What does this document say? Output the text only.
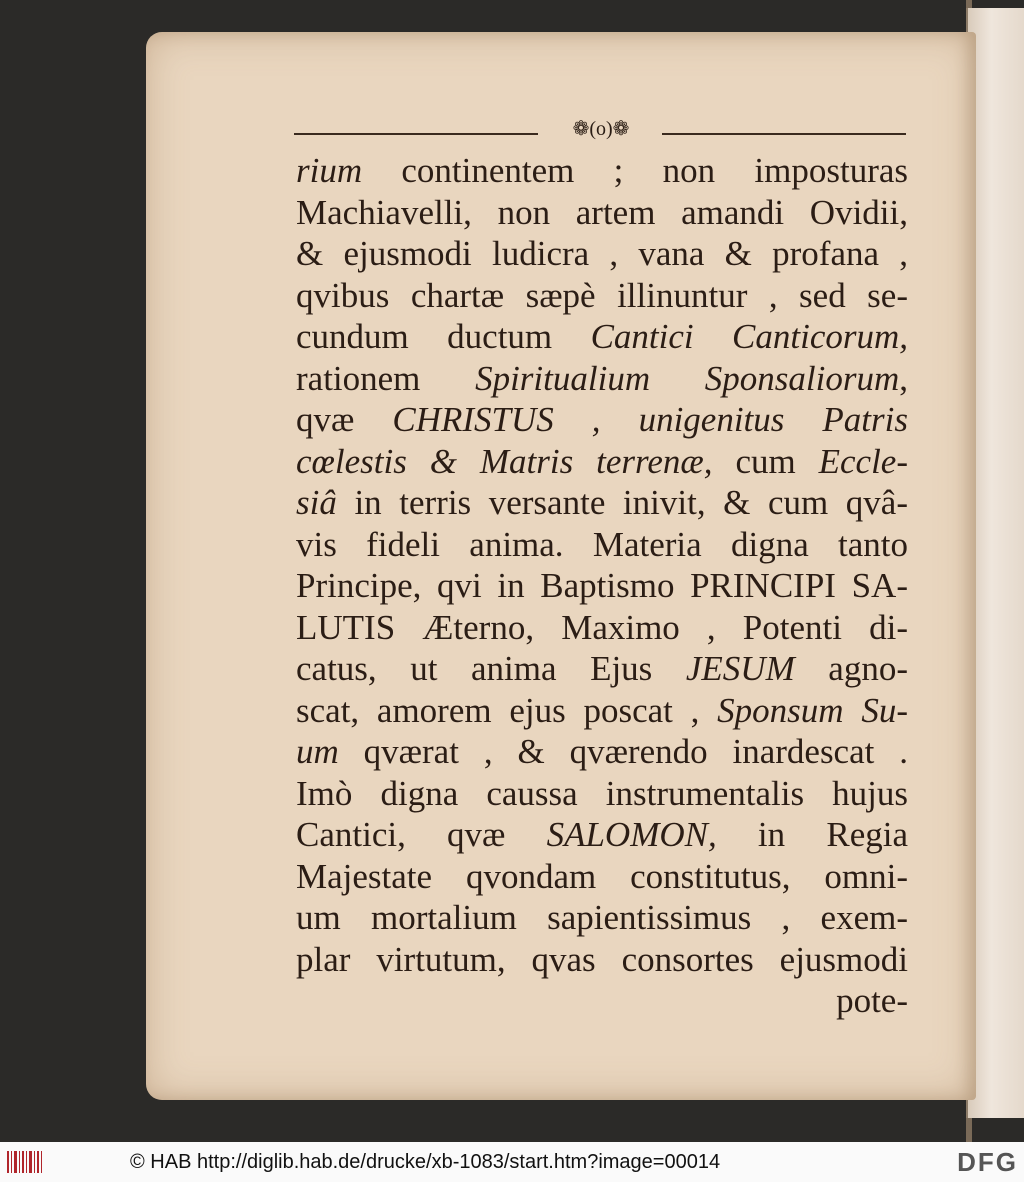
❁(o)❁
rium continentem ; non imposturas
Machiavelli, non artem amandi Ovidii,
& ejusmodi ludicra , vana & profana ,
qvibus chartæ sæpè illinuntur , sed se-
cundum ductum Cantici Canticorum,
rationem Spiritualium Sponsaliorum,
qvæ CHRISTUS , unigenitus Patris
cœlestis & Matris terrenæ, cum Eccle-
siâ in terris versante inivit, & cum qvâ-
vis fideli anima. Materia digna tanto
Principe, qvi in Baptismo PRINCIPI SA-
LUTIS Æterno, Maximo , Potenti di-
catus, ut anima Ejus JESUM agno-
scat, amorem ejus poscat , Sponsum Su-
um qværat , & qværendo inardescat .
Imò digna caussa instrumentalis hujus
Cantici, qvæ SALOMON, in Regia
Majestate qvondam constitutus, omni-
um mortalium sapientissimus , exem-
plar virtutum, qvas consortes ejusmodi
pote-
© HAB http://diglib.hab.de/drucke/xb-1083/start.htm?image=00014	DFG
